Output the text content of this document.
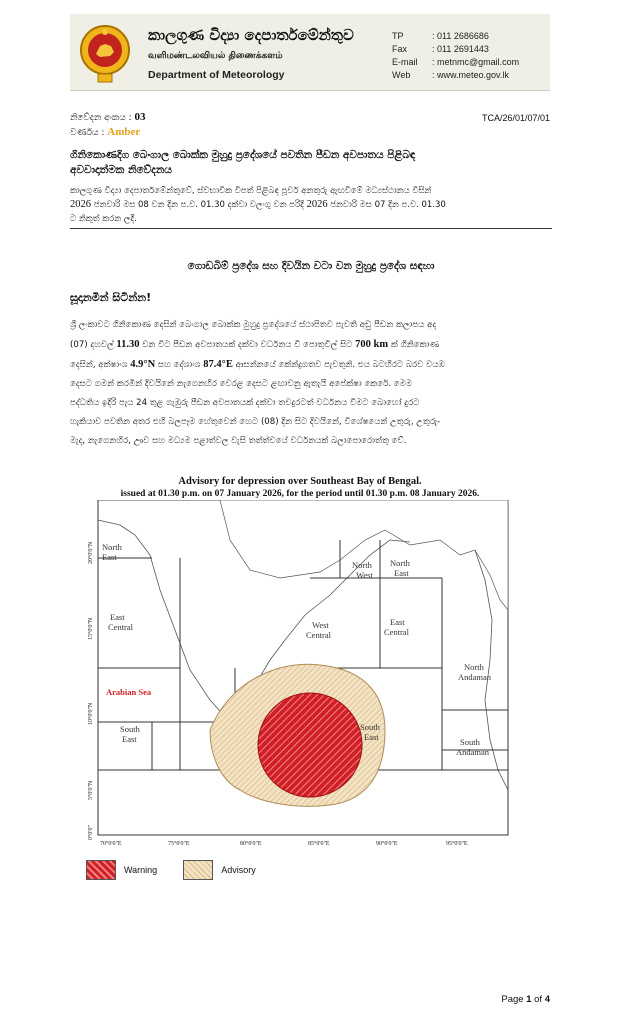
කාලගුණ විද්‍යා දෙපාර්තමේන්තුව
வளிமண்டலவியல் திணைக்களம்
Department of Meteorology
TP	: 011 2686686
Fax	: 011 2691443
E-mail	: metnmc@gmail.com
Web	: www.meteo.gov.lk
නිවේදන අංකය : 03
වර්ණය : Amber
TCA/26/01/07/01
ගිනිකොණදිග බෙංගාල බොක්ක මුහුදු ප්‍රදේශයේ පවතින පීඩන අවපාතය පිළිබඳ
අවවාදාත්මක නිවේදනය
කාලගුණ විද්‍යා දෙපාර්තමේන්තුවේ, ස්වභාවික විපත් පිළිබඳ පූර්ව අනතුරු ඇඟවීමේ මධ්‍යස්ථානය විසින්
2026 ජනවාරි මස 08 වන දින ප.ව. 01.30 දක්වා වලංගු වන පරිදි 2026 ජනවාරි මස 07 දින ප.ව. 01.30
ට නිකුත් කරන ලදී.
ගොඩබිම් ප්‍රදේශ සහ දිවයින වටා වන මුහුදු ප්‍රදේශ සඳහා
සූදානමින් සිටින්න!
ශ්‍රී ලංකාවට ගිනිකොණ දෙසින් බෙංගාල බොක්ක මුහුදු ප්‍රදේශයේ ස්ථාපිතව පැවති අඩු පීඩන කලාපය අද
(07) දහවල් 11.30 වන විට පීඩන අවපාතයක් දක්වා වර්ධනය වී පොතුවිල් සිට 700 km ක් ගිනිකොණ
දෙසින්, අක්ෂාංශ 4.9°N සහ දේශාංශ 87.4°E ආසන්නයේ කේන්ද්‍රගතව පැවතුනි. එය බටහිරට බරව වයඹ
දෙසට ගමන් කරමින් දිවයිනේ නැගෙනහිර වෙරළ දෙසට ළඟාවනු ඇතැයි අපේක්ෂා කෙරේ. මෙම
පද්ධතිය ඉදිරි පැය 24 තුළ ගැඹුරු පීඩන අවපාතයක් දක්වා තවදුරටත් වර්ධනය වීමට බොහෝ දුරට
හැකියාව පවතින අතර එහි බලපෑම හේතුවෙන් හෙට (08) දින සිට දිවයිනේ, විශේෂයෙන් උතුරු, උතුරු-
මැද, නැගෙනහිර, ඌව සහ මධ්‍යම පළාත්වල වැසි තත්ත්වයේ වර්ධනයක් බලාපොරොත්තු වේ.
Advisory for depression over Southeast Bay of Bengal.
issued at 01.30 p.m. on 07 January 2026, for the period until 01.30 p.m. 08 January 2026.
North
East
East
Central
Arabian Sea
South
East
North
West
North
East
West
Central
East
Central
North
Andaman
South
East	South
Andaman
20°0'0"N
15°0'0"N
10°0'0"N
5°0'0"N
0°0'0"
70°0'0"E	75°0'0"E	80°0'0"E	85°0'0"E	90°0'0"E	95°0'0"E
Warning	Advisory
Page 1 of 4
